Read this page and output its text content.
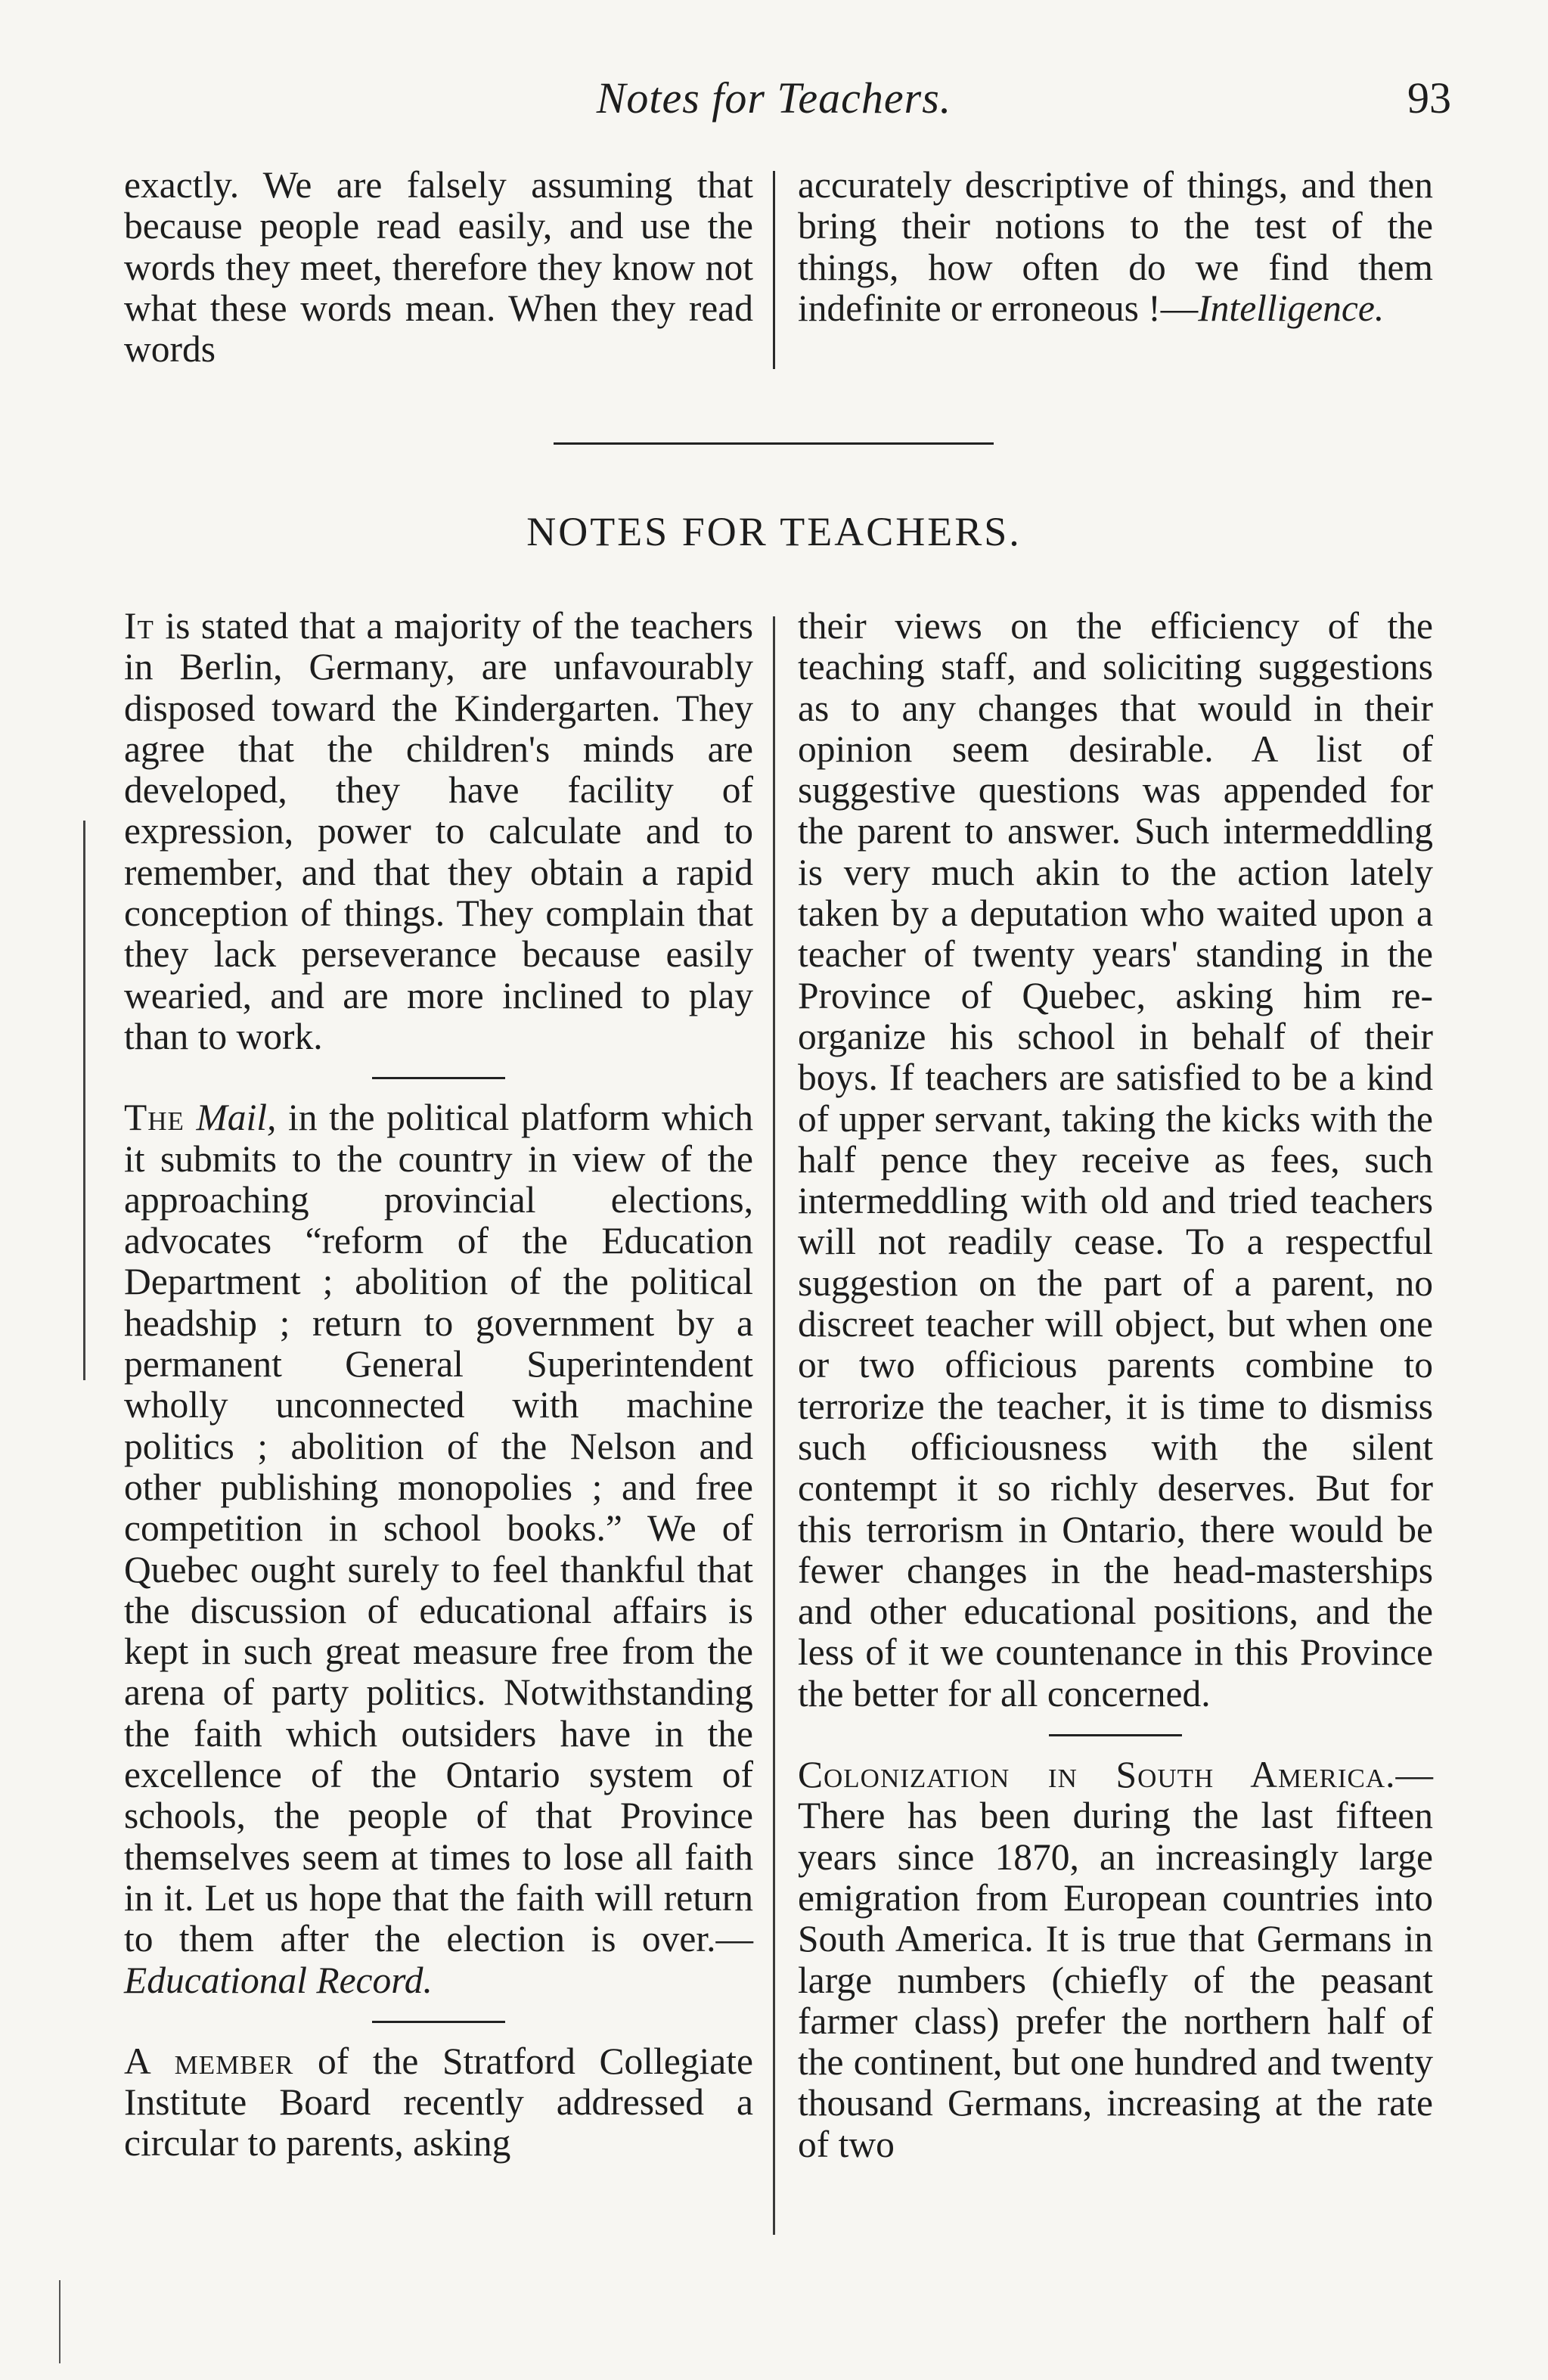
Notes for Teachers.	93

exactly. We are falsely assuming that because people read easily, and use the words they meet, therefore they know not what these words mean. When they read words

accurately descriptive of things, and then bring their notions to the test of the things, how often do we find them indefinite or erroneous !—Intelligence.

NOTES FOR TEACHERS.

It is stated that a majority of the teachers in Berlin, Germany, are unfavourably disposed toward the Kindergarten. They agree that the children's minds are developed, they have facility of expression, power to calculate and to remember, and that they obtain a rapid conception of things. They complain that they lack perseverance because easily wearied, and are more inclined to play than to work.

The Mail, in the political platform which it submits to the country in view of the approaching provincial elections, advocates “reform of the Education Department ; abolition of the political headship ; return to government by a permanent General Superintendent wholly unconnected with machine politics ; abolition of the Nelson and other publishing monopolies ; and free competition in school books.” We of Quebec ought surely to feel thankful that the discussion of educational affairs is kept in such great measure free from the arena of party politics. Notwithstanding the faith which outsiders have in the excellence of the Ontario system of schools, the people of that Province themselves seem at times to lose all faith in it. Let us hope that the faith will return to them after the election is over.—Educational Record.

A member of the Stratford Collegiate Institute Board recently addressed a circular to parents, asking

their views on the efficiency of the teaching staff, and soliciting suggestions as to any changes that would in their opinion seem desirable. A list of suggestive questions was appended for the parent to answer. Such intermeddling is very much akin to the action lately taken by a deputation who waited upon a teacher of twenty years' standing in the Province of Quebec, asking him re-organize his school in behalf of their boys. If teachers are satisfied to be a kind of upper servant, taking the kicks with the half pence they receive as fees, such intermeddling with old and tried teachers will not readily cease. To a respectful suggestion on the part of a parent, no discreet teacher will object, but when one or two officious parents combine to terrorize the teacher, it is time to dismiss such officiousness with the silent contempt it so richly deserves. But for this terrorism in Ontario, there would be fewer changes in the head-masterships and other educational positions, and the less of it we countenance in this Province the better for all concerned.

Colonization in South America.—There has been during the last fifteen years since 1870, an increasingly large emigration from European countries into South America. It is true that Germans in large numbers (chiefly of the peasant farmer class) prefer the northern half of the continent, but one hundred and twenty thousand Germans, increasing at the rate of two
